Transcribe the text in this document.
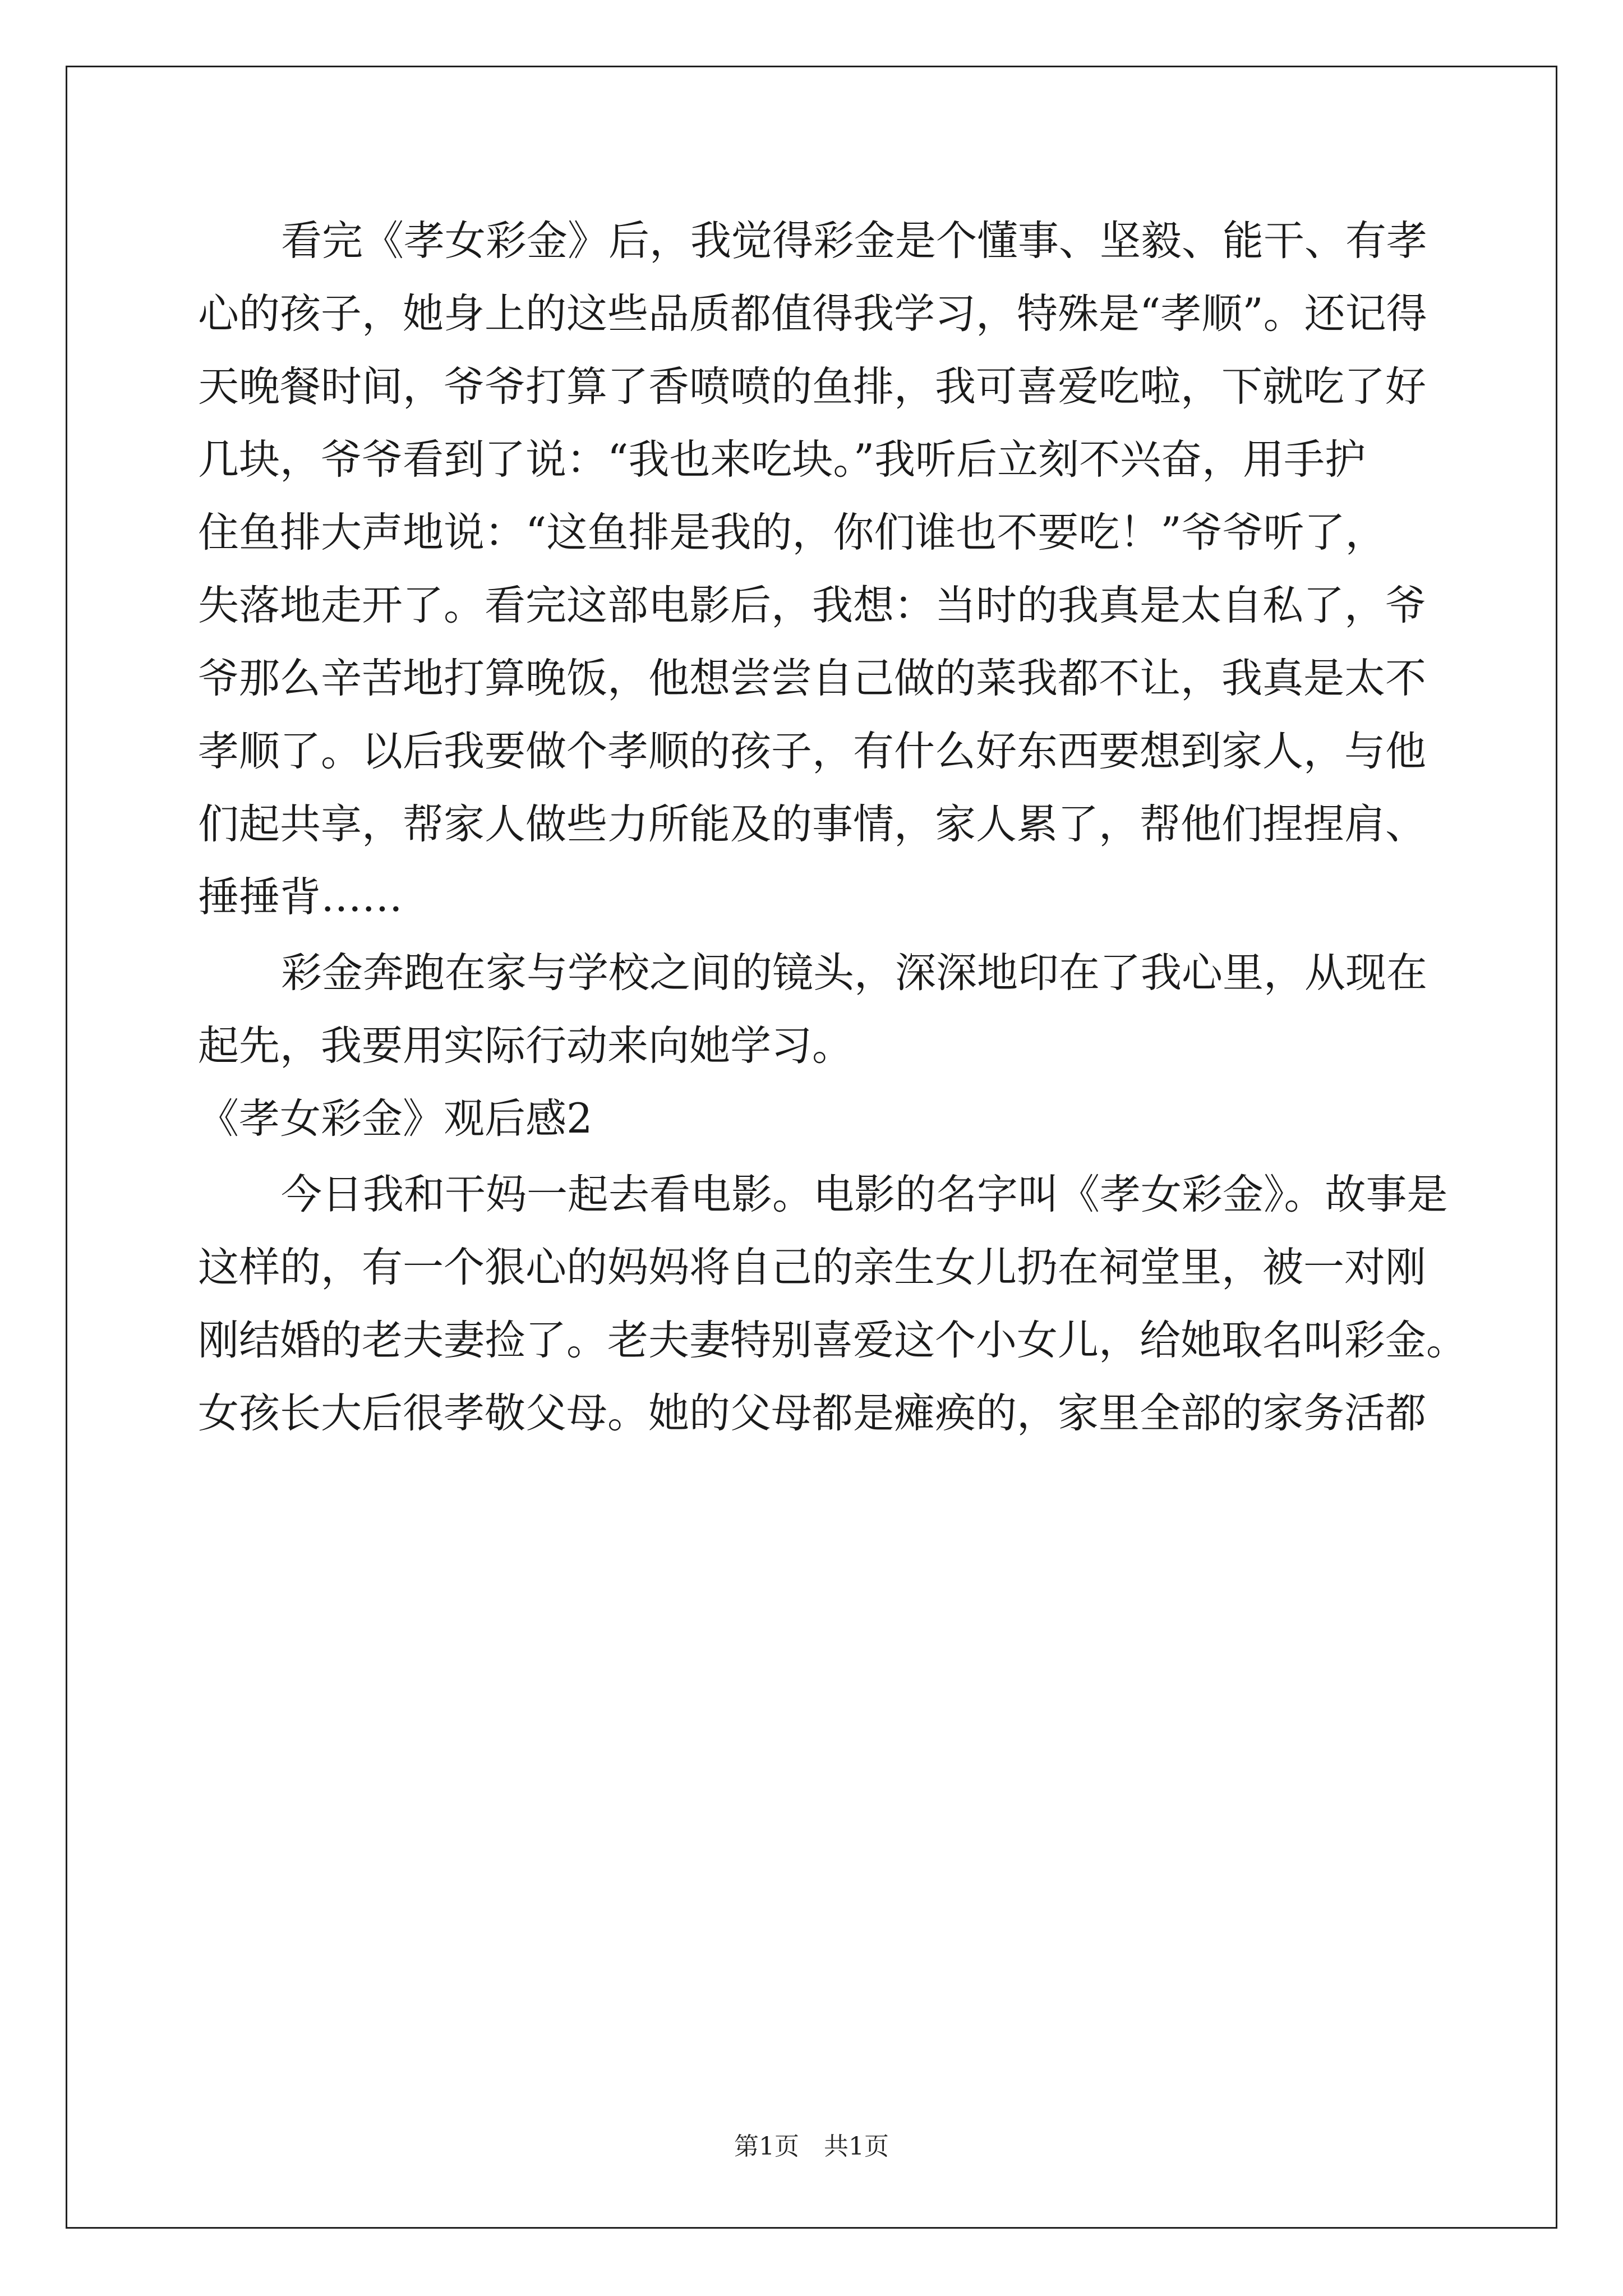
看完《孝女彩金》后，我觉得彩金是个懂事、坚毅、能干、有孝
心的孩子，她身上的这些品质都值得我学习，特殊是“孝顺”。还记得
天晚餐时间，爷爷打算了香喷喷的鱼排，我可喜爱吃啦，下就吃了好
几块，爷爷看到了说：“我也来吃块。”我听后立刻不兴奋，用手护
住鱼排大声地说：“这鱼排是我的，你们谁也不要吃！”爷爷听了，
失落地走开了。看完这部电影后，我想：当时的我真是太自私了，爷
爷那么辛苦地打算晚饭，他想尝尝自己做的菜我都不让，我真是太不
孝顺了。以后我要做个孝顺的孩子，有什么好东西要想到家人，与他
们起共享，帮家人做些力所能及的事情，家人累了，帮他们捏捏肩、
捶捶背……
彩金奔跑在家与学校之间的镜头，深深地印在了我心里，从现在
起先，我要用实际行动来向她学习。
《孝女彩金》观后感2
今日我和干妈一起去看电影。电影的名字叫《孝女彩金》。故事是
这样的，有一个狠心的妈妈将自己的亲生女儿扔在祠堂里，被一对刚
刚结婚的老夫妻捡了。老夫妻特别喜爱这个小女儿，给她取名叫彩金。
女孩长大后很孝敬父母。她的父母都是瘫痪的，家里全部的家务活都
第1页 共1页
